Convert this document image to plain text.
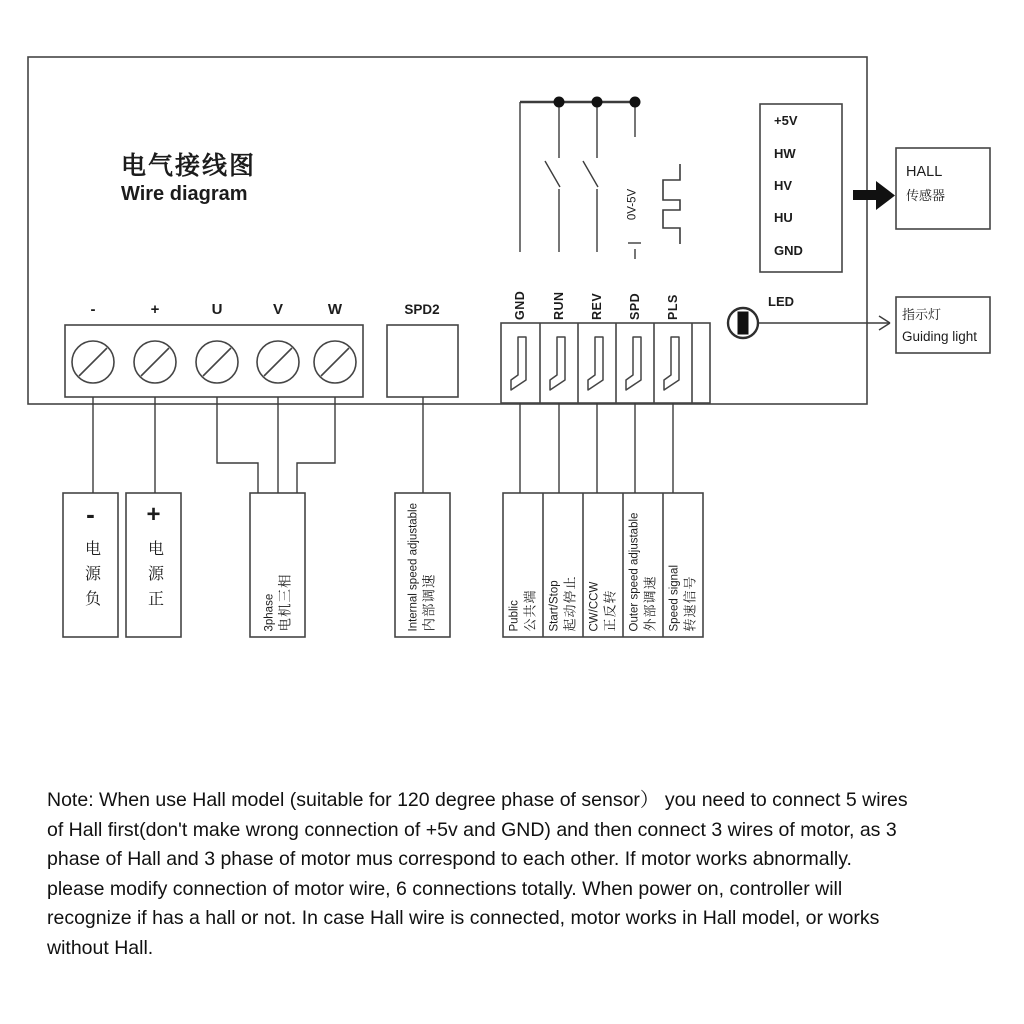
电气接线图
Wire diagram
-	+	U	V	W	SPD2	GND RUN REV SPD PLS
0V-5V
+5V
HW
HV
HU
GND
LED
HALL
传感器
指示灯
Guiding light
-
电源负
+
电源正	3phase 电机三相	Internal speed adjustable 内部调速	Public 公共端 Start/Stop 起动停止 CW/CCW 正反转 Outer speed adjustable 外部调速 Speed signal 转速信号
Note: When use Hall model (suitable for 120 degree phase of sensor） you need to connect 5 wires
of Hall first(don't make wrong connection of +5v and GND) and then connect 3 wires of motor, as 3
phase of Hall and 3 phase of motor mus correspond to each other. If motor works abnormally.
please modify connection of motor wire, 6 connections totally. When power on, controller will
recognize if has a hall or not. In case Hall wire is connected, motor works in Hall model, or works
without Hall.
